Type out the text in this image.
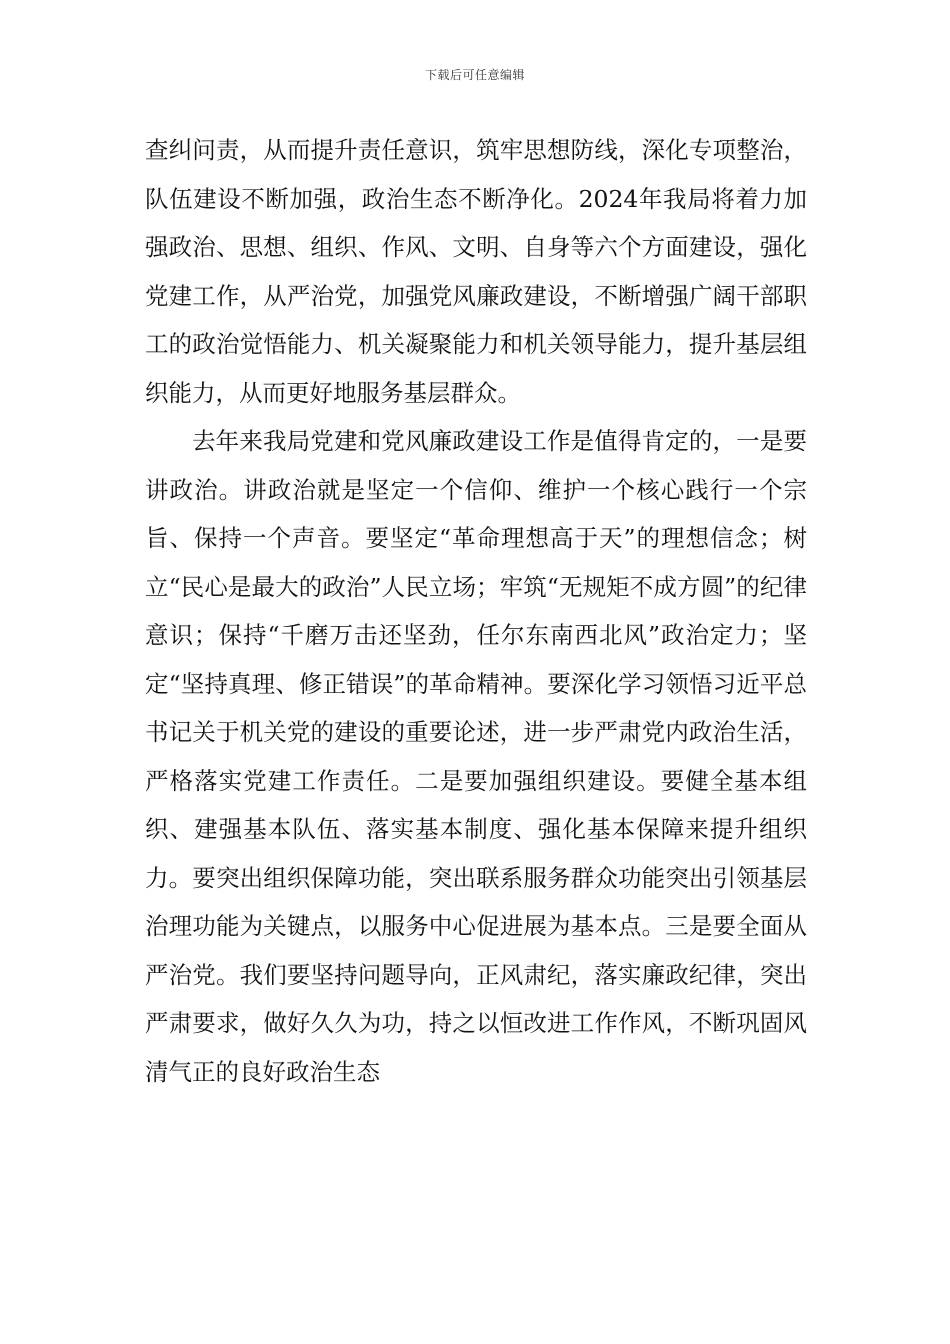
下载后可任意编辑

查纠问责，从而提升责任意识，筑牢思想防线，深化专项整治，队伍建设不断加强，政治生态不断净化。2024年我局将着力加强政治、思想、组织、作风、文明、自身等六个方面建设，强化党建工作，从严治党，加强党风廉政建设，不断增强广阔干部职工的政治觉悟能力、机关凝聚能力和机关领导能力，提升基层组织能力，从而更好地服务基层群众。

去年来我局党建和党风廉政建设工作是值得肯定的，一是要讲政治。讲政治就是坚定一个信仰、维护一个核心践行一个宗旨、保持一个声音。要坚定“革命理想高于天”的理想信念；树立“民心是最大的政治”人民立场；牢筑“无规矩不成方圆”的纪律意识；保持“千磨万击还坚劲，任尔东南西北风”政治定力；坚定“坚持真理、修正错误”的革命精神。要深化学习领悟习近平总书记关于机关党的建设的重要论述，进一步严肃党内政治生活，严格落实党建工作责任。二是要加强组织建设。要健全基本组织、建强基本队伍、落实基本制度、强化基本保障来提升组织力。要突出组织保障功能，突出联系服务群众功能突出引领基层治理功能为关键点，以服务中心促进展为基本点。三是要全面从严治党。我们要坚持问题导向，正风肃纪，落实廉政纪律，突出严肃要求，做好久久为功，持之以恒改进工作作风，不断巩固风清气正的良好政治生态
